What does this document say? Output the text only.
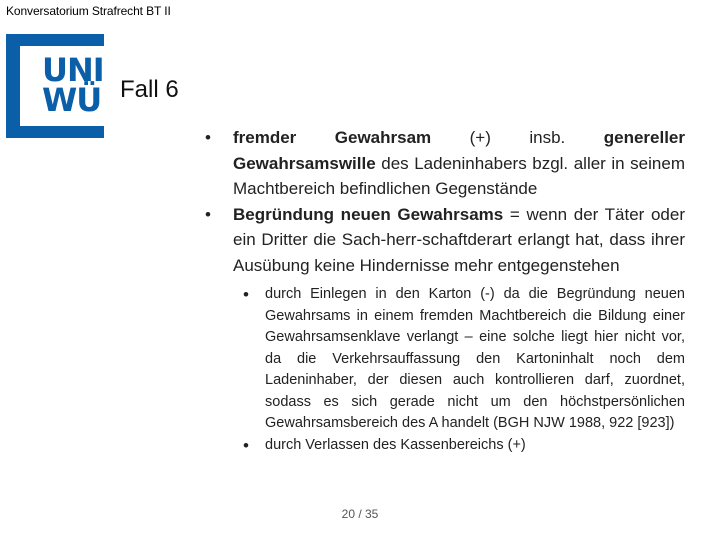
Konversatorium Strafrecht BT II
UNI
WÜ Fall 6
• fremder Gewahrsam (+) insb. genereller Gewahrsamswille des Ladeninhabers bzgl. aller in seinem Machtbereich befindlichen Gegenstände
• Begründung neuen Gewahrsams = wenn der Täter oder ein Dritter die Sach-herr-schaftderart erlangt hat, dass ihrer Ausübung keine Hindernisse mehr entgegenstehen
• durch Einlegen in den Karton (-) da die Begründung neuen Gewahrsams in einem fremden Machtbereich die Bildung einer Gewahrsamsenklave verlangt – eine solche liegt hier nicht vor, da die Verkehrsauffassung den Kartoninhalt noch dem Ladeninhaber, der diesen auch kontrollieren darf, zuordnet, sodass es sich gerade nicht um den höchstpersönlichen Gewahrsamsbereich des A handelt (BGH NJW 1988, 922 [923])
• durch Verlassen des Kassenbereichs (+)
20 / 35
